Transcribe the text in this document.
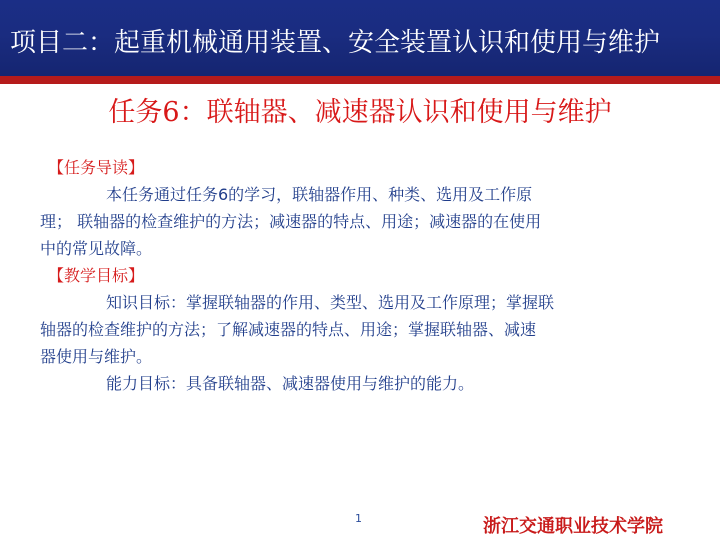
项目二：起重机械通用装置、安全装置认识和使用与维护
任务6：联轴器、减速器认识和使用与维护
【任务导读】
本任务通过任务6的学习，联轴器作用、种类、选用及工作原
理； 联轴器的检查维护的方法；减速器的特点、用途；减速器的在使用
中的常见故障。
【教学目标】
知识目标：掌握联轴器的作用、类型、选用及工作原理；掌握联
轴器的检查维护的方法；了解减速器的特点、用途；掌握联轴器、减速
器使用与维护。
能力目标：具备联轴器、减速器使用与维护的能力。
1	浙江交通职业技术学院
